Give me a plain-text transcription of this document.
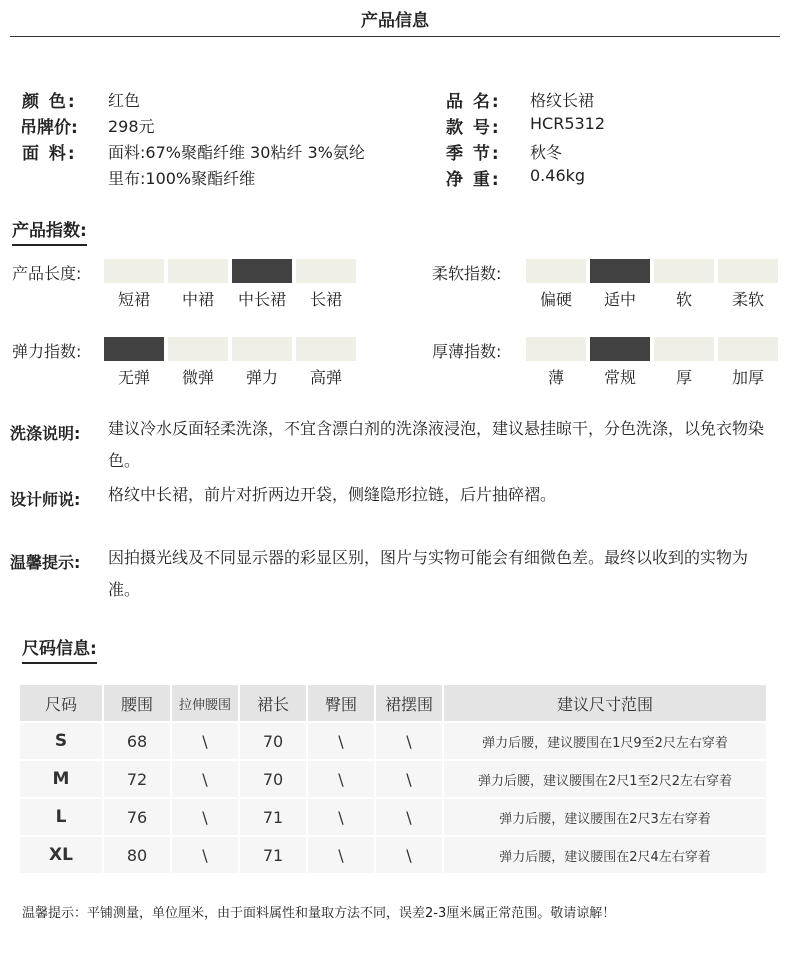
产品信息
颜 色: 红色
吊牌价: 298元
面 料: 面料:67%聚酯纤维 30粘纤 3%氨纶
里布:100%聚酯纤维
品 名: 格纹长裙
款 号: HCR5312
季 节: 秋冬
净 重: 0.46kg
产品指数:
产品长度:
短裙	中裙	中长裙	长裙
柔软指数:
偏硬	适中	软	柔软
弹力指数:
无弹	微弹	弹力	高弹
厚薄指数:
薄	常规	厚	加厚
洗涤说明: 建议冷水反面轻柔洗涤，不宜含漂白剂的洗涤液浸泡，建议悬挂晾干，分色洗涤，以免衣物染色。
设计师说: 格纹中长裙，前片对折两边开袋，侧缝隐形拉链，后片抽碎褶。
温馨提示: 因拍摄光线及不同显示器的彩显区别，图片与实物可能会有细微色差。最终以收到的实物为准。
尺码信息:
尺码	腰围	拉伸腰围	裙长	臀围	裙摆围	建议尺寸范围
S	68	\	70	\	\	弹力后腰，建议腰围在1尺9至2尺左右穿着
M	72	\	70	\	\	弹力后腰，建议腰围在2尺1至2尺2左右穿着
L	76	\	71	\	\	弹力后腰，建议腰围在2尺3左右穿着
XL	80	\	71	\	\	弹力后腰，建议腰围在2尺4左右穿着
温馨提示：平铺测量，单位厘米，由于面料属性和量取方法不同，误差2-3厘米属正常范围。敬请谅解！
